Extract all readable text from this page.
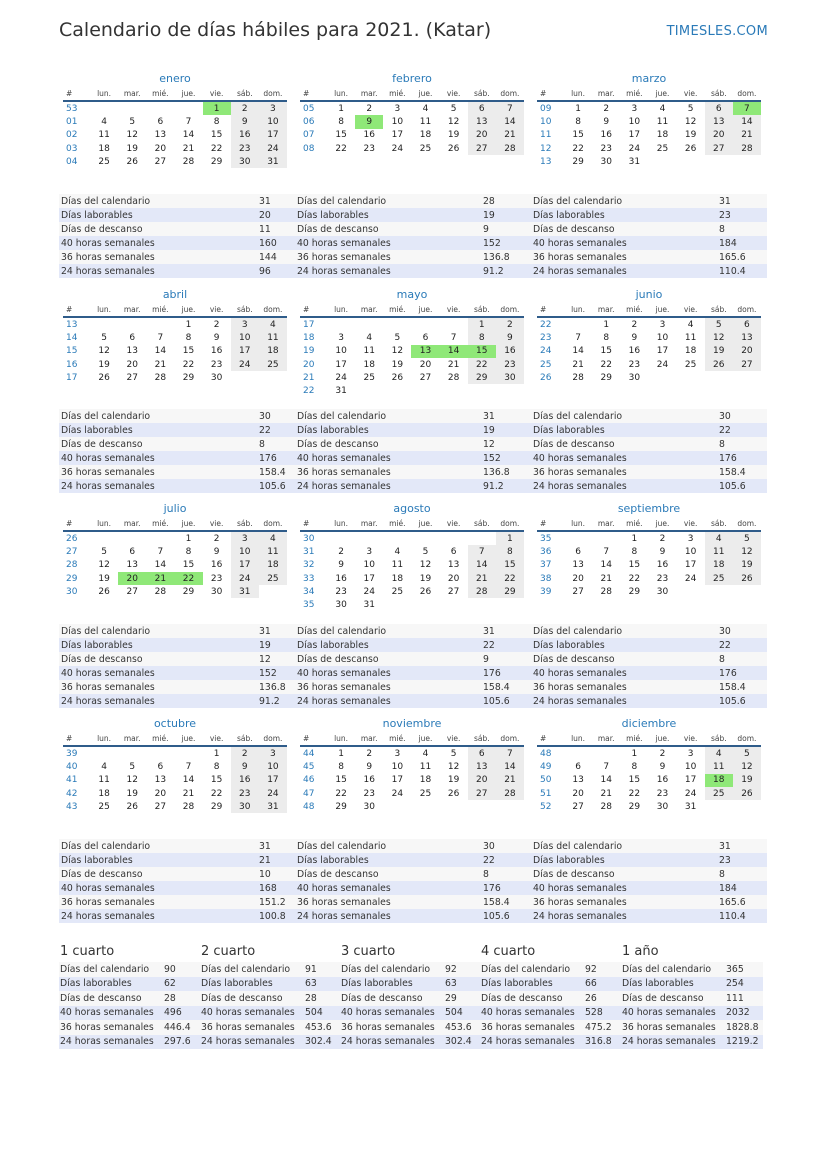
Calendario de días hábiles para 2021. (Katar)	TIMESLES.COM
enero
#	lun.	mar.	mié.	jue.	vie.	sáb.	dom.
53					1	2	3
01	4	5	6	7	8	9	10
02	11	12	13	14	15	16	17
03	18	19	20	21	22	23	24
04	25	26	27	28	29	30	31
Días del calendario	31
Días laborables	20
Días de descanso	11
40 horas semanales	160
36 horas semanales	144
24 horas semanales	96
febrero
#	lun.	mar.	mié.	jue.	vie.	sáb.	dom.
05	1	2	3	4	5	6	7
06	8	9	10	11	12	13	14
07	15	16	17	18	19	20	21
08	22	23	24	25	26	27	28
Días del calendario	28
Días laborables	19
Días de descanso	9
40 horas semanales	152
36 horas semanales	136.8
24 horas semanales	91.2
marzo
#	lun.	mar.	mié.	jue.	vie.	sáb.	dom.
09	1	2	3	4	5	6	7
10	8	9	10	11	12	13	14
11	15	16	17	18	19	20	21
12	22	23	24	25	26	27	28
13	29	30	31				
Días del calendario	31
Días laborables	23
Días de descanso	8
40 horas semanales	184
36 horas semanales	165.6
24 horas semanales	110.4
abril
#	lun.	mar.	mié.	jue.	vie.	sáb.	dom.
13				1	2	3	4
14	5	6	7	8	9	10	11
15	12	13	14	15	16	17	18
16	19	20	21	22	23	24	25
17	26	27	28	29	30		
Días del calendario	30
Días laborables	22
Días de descanso	8
40 horas semanales	176
36 horas semanales	158.4
24 horas semanales	105.6
mayo
#	lun.	mar.	mié.	jue.	vie.	sáb.	dom.
17						1	2
18	3	4	5	6	7	8	9
19	10	11	12	13	14	15	16
20	17	18	19	20	21	22	23
21	24	25	26	27	28	29	30
22	31						
Días del calendario	31
Días laborables	19
Días de descanso	12
40 horas semanales	152
36 horas semanales	136.8
24 horas semanales	91.2
junio
#	lun.	mar.	mié.	jue.	vie.	sáb.	dom.
22		1	2	3	4	5	6
23	7	8	9	10	11	12	13
24	14	15	16	17	18	19	20
25	21	22	23	24	25	26	27
26	28	29	30				
Días del calendario	30
Días laborables	22
Días de descanso	8
40 horas semanales	176
36 horas semanales	158.4
24 horas semanales	105.6
julio
#	lun.	mar.	mié.	jue.	vie.	sáb.	dom.
26				1	2	3	4
27	5	6	7	8	9	10	11
28	12	13	14	15	16	17	18
29	19	20	21	22	23	24	25
30	26	27	28	29	30	31	
Días del calendario	31
Días laborables	19
Días de descanso	12
40 horas semanales	152
36 horas semanales	136.8
24 horas semanales	91.2
agosto
#	lun.	mar.	mié.	jue.	vie.	sáb.	dom.
30							1
31	2	3	4	5	6	7	8
32	9	10	11	12	13	14	15
33	16	17	18	19	20	21	22
34	23	24	25	26	27	28	29
35	30	31					
Días del calendario	31
Días laborables	22
Días de descanso	9
40 horas semanales	176
36 horas semanales	158.4
24 horas semanales	105.6
septiembre
#	lun.	mar.	mié.	jue.	vie.	sáb.	dom.
35			1	2	3	4	5
36	6	7	8	9	10	11	12
37	13	14	15	16	17	18	19
38	20	21	22	23	24	25	26
39	27	28	29	30			
Días del calendario	30
Días laborables	22
Días de descanso	8
40 horas semanales	176
36 horas semanales	158.4
24 horas semanales	105.6
octubre
#	lun.	mar.	mié.	jue.	vie.	sáb.	dom.
39					1	2	3
40	4	5	6	7	8	9	10
41	11	12	13	14	15	16	17
42	18	19	20	21	22	23	24
43	25	26	27	28	29	30	31
Días del calendario	31
Días laborables	21
Días de descanso	10
40 horas semanales	168
36 horas semanales	151.2
24 horas semanales	100.8
noviembre
#	lun.	mar.	mié.	jue.	vie.	sáb.	dom.
44	1	2	3	4	5	6	7
45	8	9	10	11	12	13	14
46	15	16	17	18	19	20	21
47	22	23	24	25	26	27	28
48	29	30					
Días del calendario	30
Días laborables	22
Días de descanso	8
40 horas semanales	176
36 horas semanales	158.4
24 horas semanales	105.6
diciembre
#	lun.	mar.	mié.	jue.	vie.	sáb.	dom.
48			1	2	3	4	5
49	6	7	8	9	10	11	12
50	13	14	15	16	17	18	19
51	20	21	22	23	24	25	26
52	27	28	29	30	31		
Días del calendario	31
Días laborables	23
Días de descanso	8
40 horas semanales	184
36 horas semanales	165.6
24 horas semanales	110.4
1 cuarto
Días del calendario	90
Días laborables	62
Días de descanso	28
40 horas semanales	496
36 horas semanales	446.4
24 horas semanales	297.6
2 cuarto
Días del calendario	91
Días laborables	63
Días de descanso	28
40 horas semanales	504
36 horas semanales	453.6
24 horas semanales	302.4
3 cuarto
Días del calendario	92
Días laborables	63
Días de descanso	29
40 horas semanales	504
36 horas semanales	453.6
24 horas semanales	302.4
4 cuarto
Días del calendario	92
Días laborables	66
Días de descanso	26
40 horas semanales	528
36 horas semanales	475.2
24 horas semanales	316.8
1 año
Días del calendario	365
Días laborables	254
Días de descanso	111
40 horas semanales	2032
36 horas semanales	1828.8
24 horas semanales	1219.2
